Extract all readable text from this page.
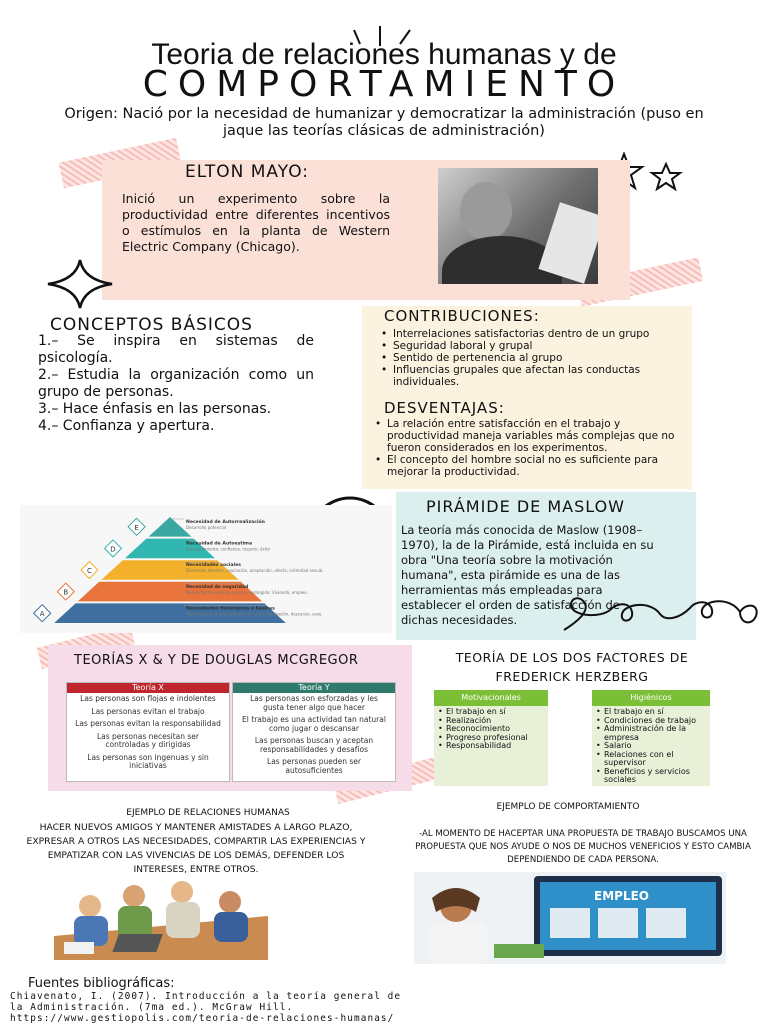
Teoria de relaciones humanas y de
COMPORTAMIENTO
Origen: Nació por la necesidad de humanizar y democratizar la administración (puso en jaque las teorías clásicas de administración)
ELTON MAYO:
Inició un experimento sobre la productividad entre diferentes incentivos o estímulos en la planta de Western Electric Company (Chicago).
CONCEPTOS BÁSICOS
1.– Se inspira en sistemas de psicología.
2.– Estudia la organización como un grupo de personas.
3.– Hace énfasis en las personas.
4.– Confianza y apertura.
CONTRIBUCIONES:
• Interrelaciones satisfactorias dentro de un grupo
• Seguridad laboral y grupal
• Sentido de pertenencia al grupo
• Influencias grupales que afectan las conductas individuales.
DESVENTAJAS:
• La relación entre satisfacción en el trabajo y productividad maneja variables más complejas que no fueron considerados en los experimentos.
• El concepto del hombre social no es suficiente para mejorar la productividad.
PIRÁMIDE DE MASLOW
La teoría más conocida de Maslow (1908–1970), la de la Pirámide, está incluida en su obra "Una teoría sobre la motivación humana", esta pirámide es una de las herramientas más empleadas para establecer el orden de satisfacción de dichas necesidades.
E
Necesidad de Autorrealización
Desarrollo potencial
D
Necesidad de Autoestima
Reconocimiento, confianza, respeto, éxito
C
Necesidades sociales
Desarrollo afectivo, asociación, aceptación, afecto, intimidad sexual.
B
Necesidad de seguridad
Necesidad de sentirse seguro y protegido: Vivienda, empleo.
A
Necesidades fisiológicas o básicas
Alimentación, mantenimiento de salud, respiración, descanso, sexo.
TEORÍAS X & Y DE DOUGLAS MCGREGOR
Teoría X
Las personas son flojas e indolentes
Las personas evitan el trabajo
Las personas evitan la responsabilidad
Las personas necesitan ser controladas y dirigidas
Las personas son ingenuas y sin iniciativas
Teoría Y
Las personas son esforzadas y les gusta tener algo que hacer
El trabajo es una actividad tan natural como jugar o descansar
Las personas buscan y aceptan responsabilidades y desafíos
Las personas pueden ser autosuficientes
TEORÍA DE LOS DOS FACTORES DE FREDERICK HERZBERG
Motivacionales
• El trabajo en sí
• Realización
• Reconocimiento
• Progreso profesional
• Responsabilidad
Higiénicos
• El trabajo en sí
• Condiciones de trabajo
• Administración de la empresa
• Salario
• Relaciones con el supervisor
• Beneficios y servicios sociales
EJEMPLO DE RELACIONES HUMANAS
HACER NUEVOS AMIGOS Y MANTENER AMISTADES A LARGO PLAZO, EXPRESAR A OTROS LAS NECESIDADES, COMPARTIR LAS EXPERIENCIAS Y EMPATIZAR CON LAS VIVENCIAS DE LOS DEMÁS, DEFENDER LOS INTERESES, ENTRE OTROS.
EJEMPLO DE COMPORTAMIENTO
-AL MOMENTO DE HACEPTAR UNA PROPUESTA DE TRABAJO BUSCAMOS UNA PROPUESTA QUE NOS AYUDE O NOS DE MUCHOS VENEFICIOS Y ESTO CAMBIA DEPENDIENDO DE CADA PERSONA.
EMPLEO
Fuentes bibliográficas:
Chiavenato, I. (2007). Introducción a la teoría general de
la Administración. (7ma ed.). McGraw Hill.
https://www.gestiopolis.com/teoria-de-relaciones-humanas/
